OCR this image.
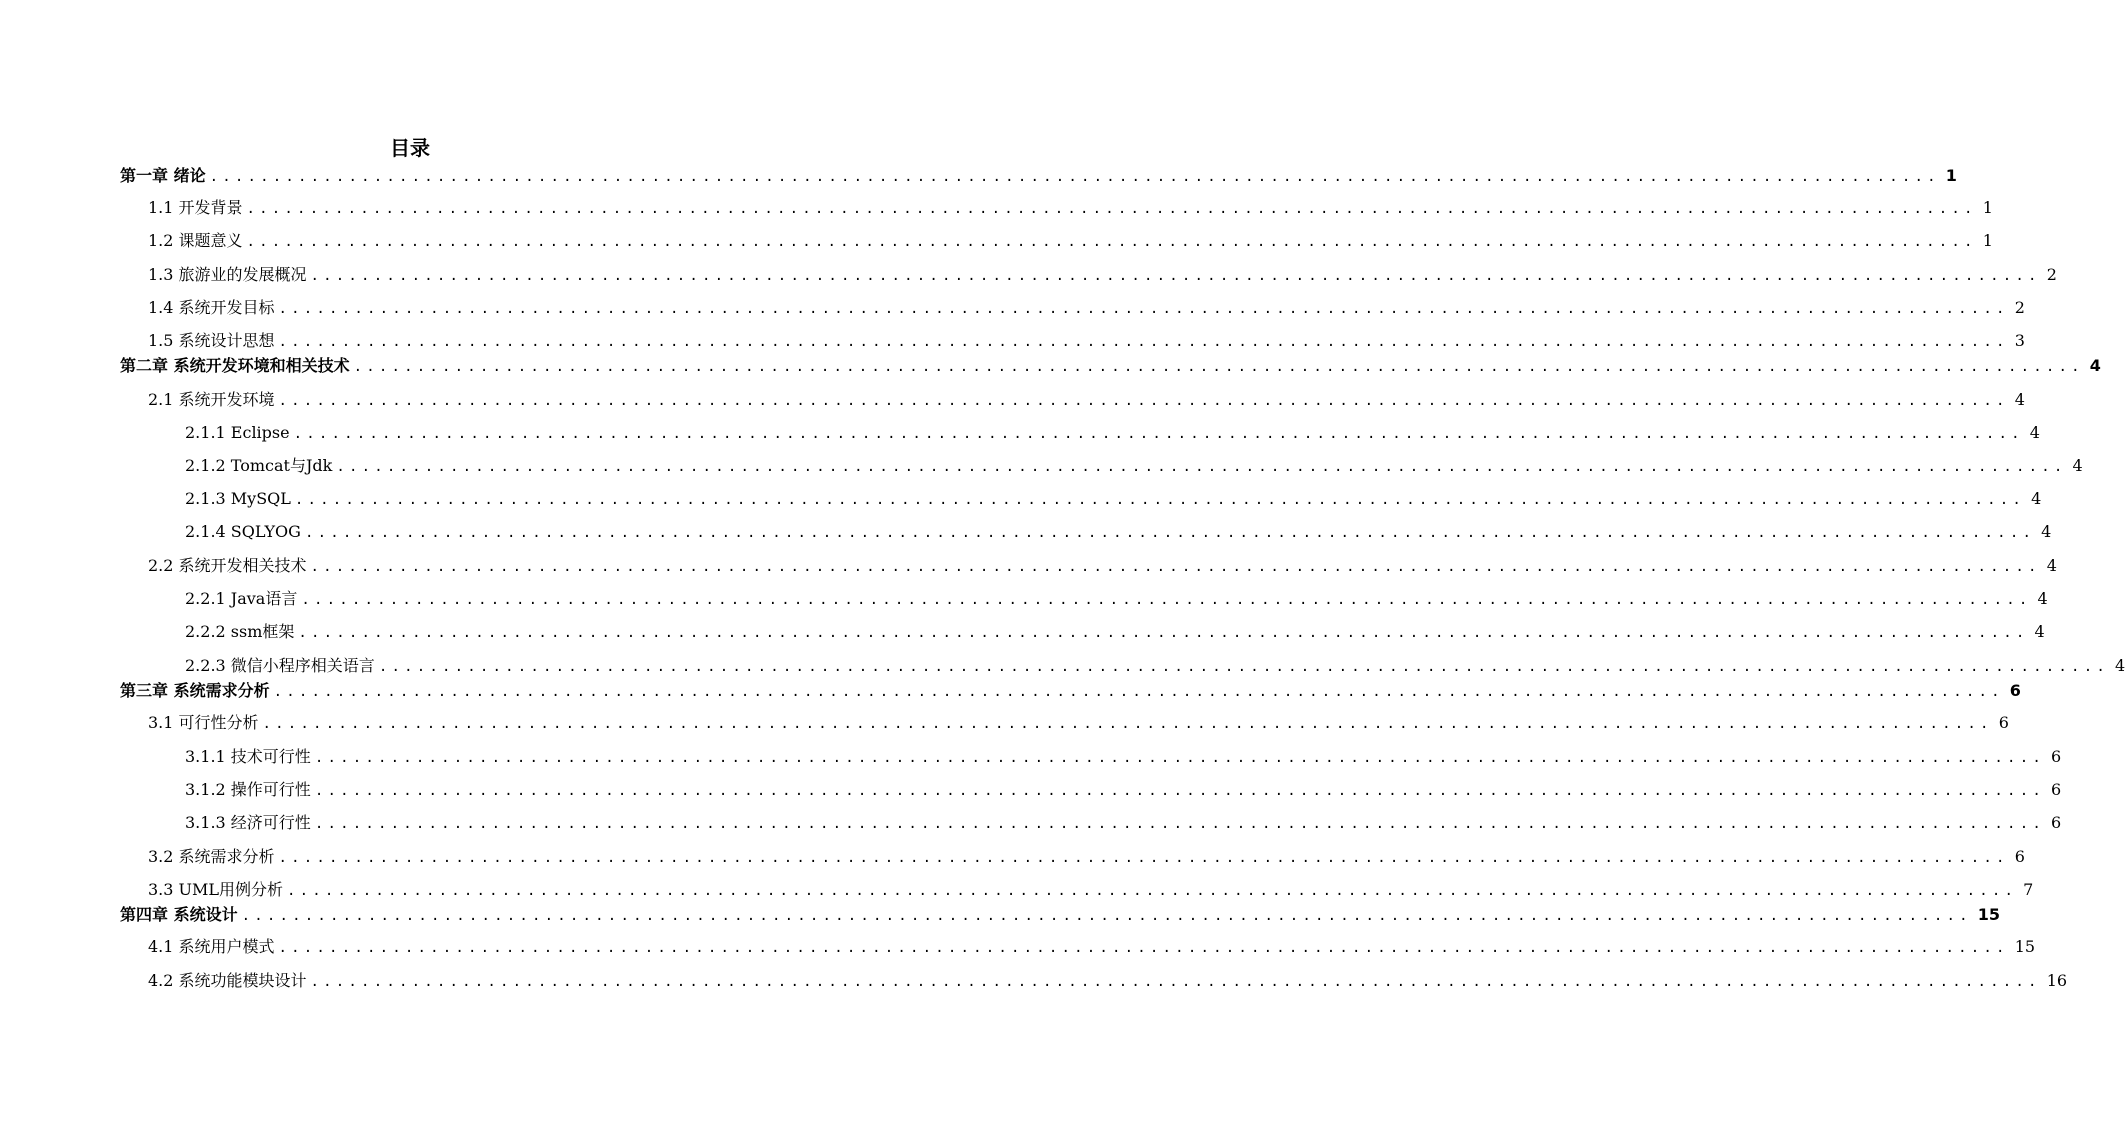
目录
第一章 绪论 ......................................................................................................................................... 1
1.1 开发背景 ......................................................................................................................................... 1
1.2 课题意义 ......................................................................................................................................... 1
1.3 旅游业的发展概况 ......................................................................................................................................... 2
1.4 系统开发目标 ......................................................................................................................................... 2
1.5 系统设计思想 ......................................................................................................................................... 3
第二章 系统开发环境和相关技术 ......................................................................................................................................... 4
2.1 系统开发环境 ......................................................................................................................................... 4
2.1.1 Eclipse ......................................................................................................................................... 4
2.1.2 Tomcat与Jdk ......................................................................................................................................... 4
2.1.3 MySQL ......................................................................................................................................... 4
2.1.4 SQLYOG ......................................................................................................................................... 4
2.2 系统开发相关技术 ......................................................................................................................................... 4
2.2.1 Java语言 ......................................................................................................................................... 4
2.2.2 ssm框架 ......................................................................................................................................... 4
2.2.3 微信小程序相关语言 ......................................................................................................................................... 4
第三章 系统需求分析 ......................................................................................................................................... 6
3.1 可行性分析 ......................................................................................................................................... 6
3.1.1 技术可行性 ......................................................................................................................................... 6
3.1.2 操作可行性 ......................................................................................................................................... 6
3.1.3 经济可行性 ......................................................................................................................................... 6
3.2 系统需求分析 ......................................................................................................................................... 6
3.3 UML用例分析 ......................................................................................................................................... 7
第四章 系统设计 ......................................................................................................................................... 15
4.1 系统用户模式 ......................................................................................................................................... 15
4.2 系统功能模块设计 ......................................................................................................................................... 16
